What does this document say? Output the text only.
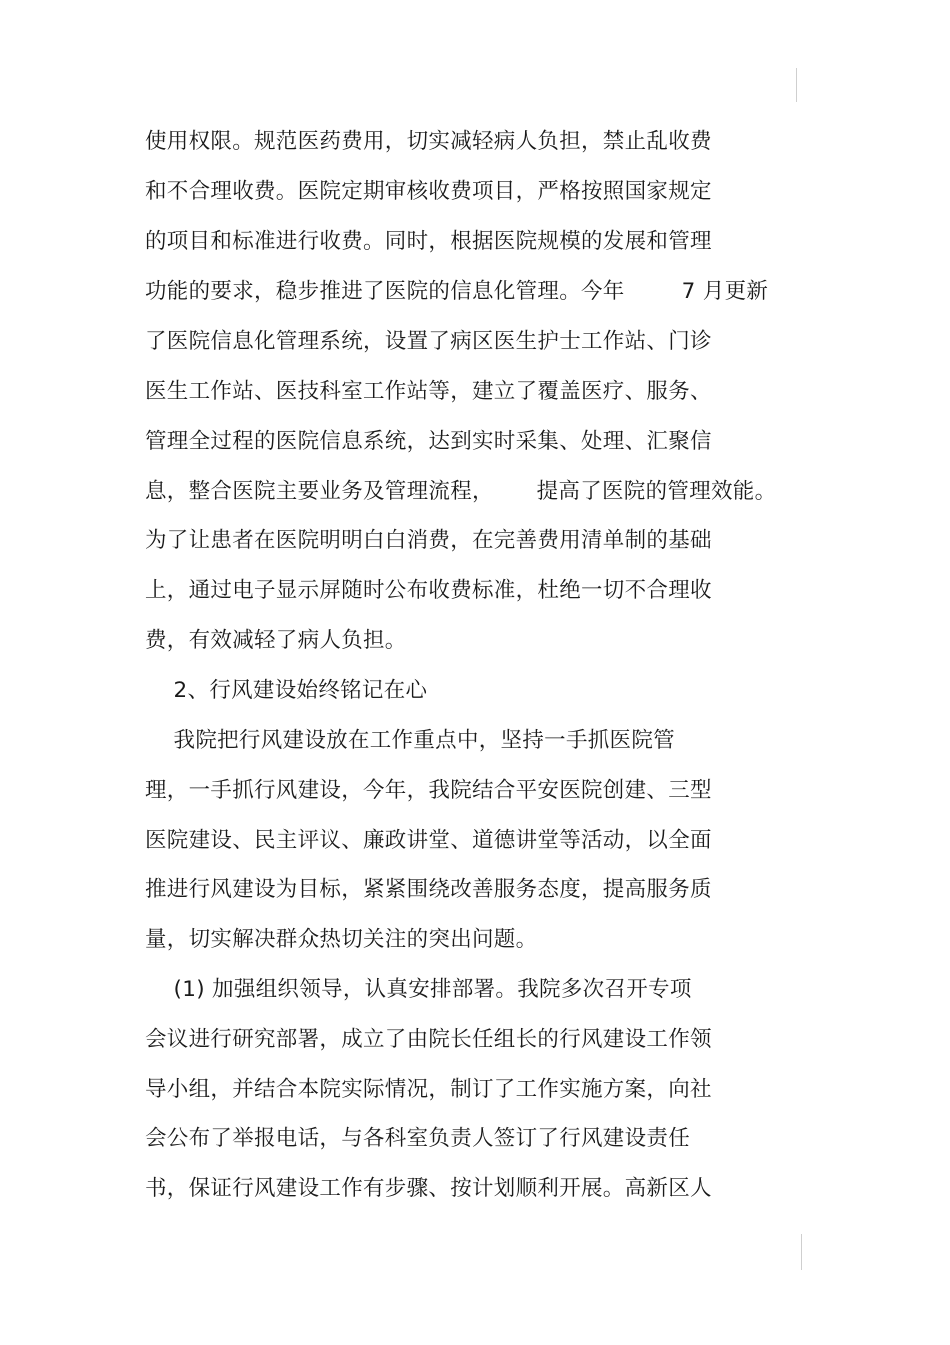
使用权限。规范医药费用，切实减轻病人负担，禁止乱收费
和不合理收费。医院定期审核收费项目，严格按照国家规定
的项目和标准进行收费。同时，根据医院规模的发展和管理
功能的要求，稳步推进了医院的信息化管理。今年        7 月更新
了医院信息化管理系统，设置了病区医生护士工作站、门诊
医生工作站、医技科室工作站等，建立了覆盖医疗、服务、
管理全过程的医院信息系统，达到实时采集、处理、汇聚信
息，整合医院主要业务及管理流程，      提高了医院的管理效能。
为了让患者在医院明明白白消费，在完善费用清单制的基础
上，通过电子显示屏随时公布收费标准，杜绝一切不合理收
费，有效减轻了病人负担。
2、行风建设始终铭记在心
我院把行风建设放在工作重点中，坚持一手抓医院管
理，一手抓行风建设，今年，我院结合平安医院创建、三型
医院建设、民主评议、廉政讲堂、道德讲堂等活动，以全面
推进行风建设为目标，紧紧围绕改善服务态度，提高服务质
量，切实解决群众热切关注的突出问题。
(1) 加强组织领导，认真安排部署。我院多次召开专项
会议进行研究部署，成立了由院长任组长的行风建设工作领
导小组，并结合本院实际情况，制订了工作实施方案，向社
会公布了举报电话，与各科室负责人签订了行风建设责任
书，保证行风建设工作有步骤、按计划顺利开展。高新区人
